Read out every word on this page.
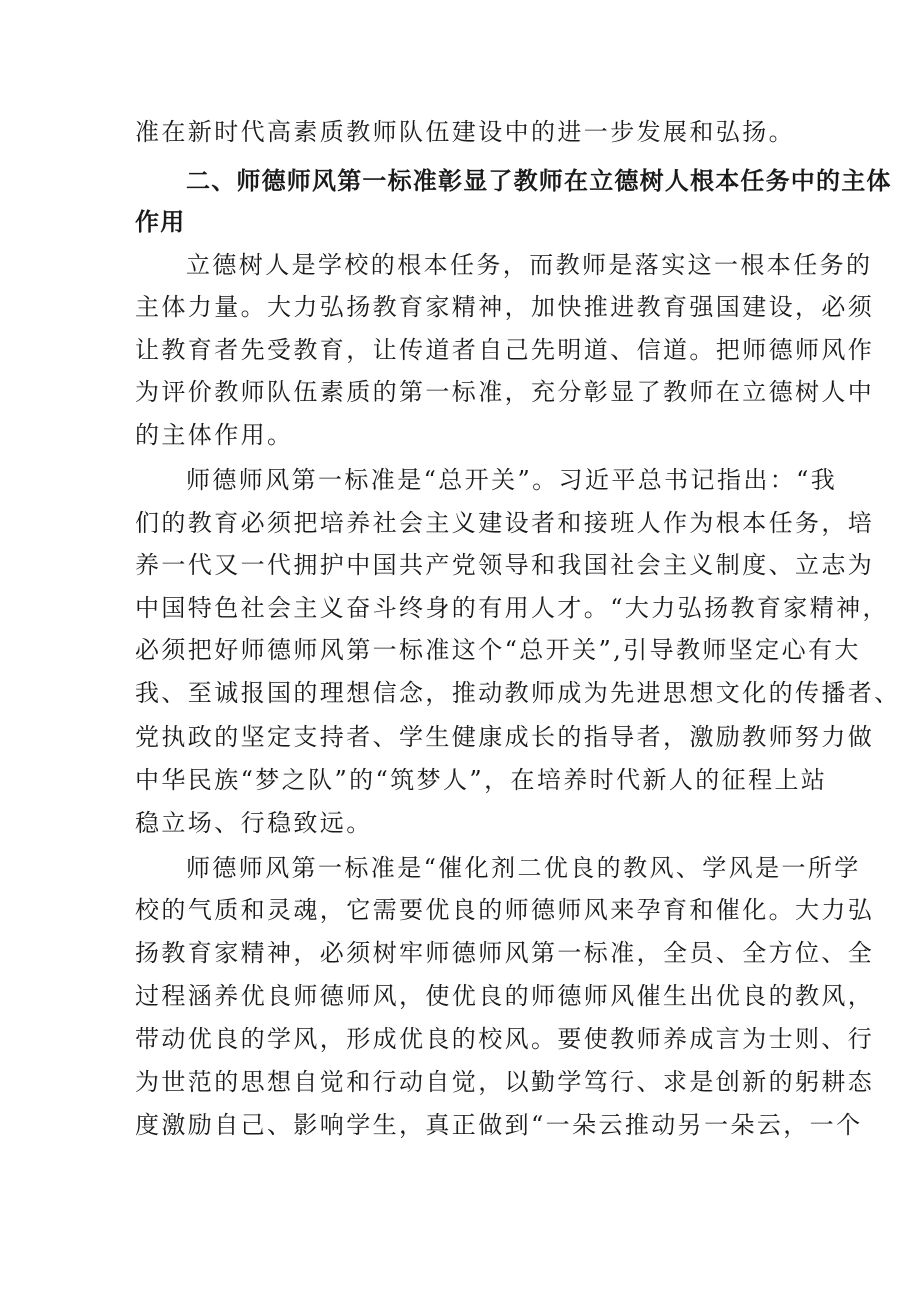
准在新时代高素质教师队伍建设中的进一步发展和弘扬。
二、师德师风第一标准彰显了教师在立德树人根本任务中的主体
作用
立德树人是学校的根本任务，而教师是落实这一根本任务的
主体力量。大力弘扬教育家精神，加快推进教育强国建设，必须
让教育者先受教育，让传道者自己先明道、信道。把师德师风作
为评价教师队伍素质的第一标准，充分彰显了教师在立德树人中
的主体作用。
师德师风第一标准是“总开关”。习近平总书记指出：“我
们的教育必须把培养社会主义建设者和接班人作为根本任务，培
养一代又一代拥护中国共产党领导和我国社会主义制度、立志为
中国特色社会主义奋斗终身的有用人才。“大力弘扬教育家精神，
必须把好师德师风第一标准这个“总开关”,引导教师坚定心有大
我、至诚报国的理想信念，推动教师成为先进思想文化的传播者、
党执政的坚定支持者、学生健康成长的指导者，激励教师努力做
中华民族“梦之队”的“筑梦人”，在培养时代新人的征程上站
稳立场、行稳致远。
师德师风第一标准是“催化剂二优良的教风、学风是一所学
校的气质和灵魂，它需要优良的师德师风来孕育和催化。大力弘
扬教育家精神，必须树牢师德师风第一标准，全员、全方位、全
过程涵养优良师德师风，使优良的师德师风催生出优良的教风，
带动优良的学风，形成优良的校风。要使教师养成言为士则、行
为世范的思想自觉和行动自觉，以勤学笃行、求是创新的躬耕态
度激励自己、影响学生，真正做到“一朵云推动另一朵云，一个
